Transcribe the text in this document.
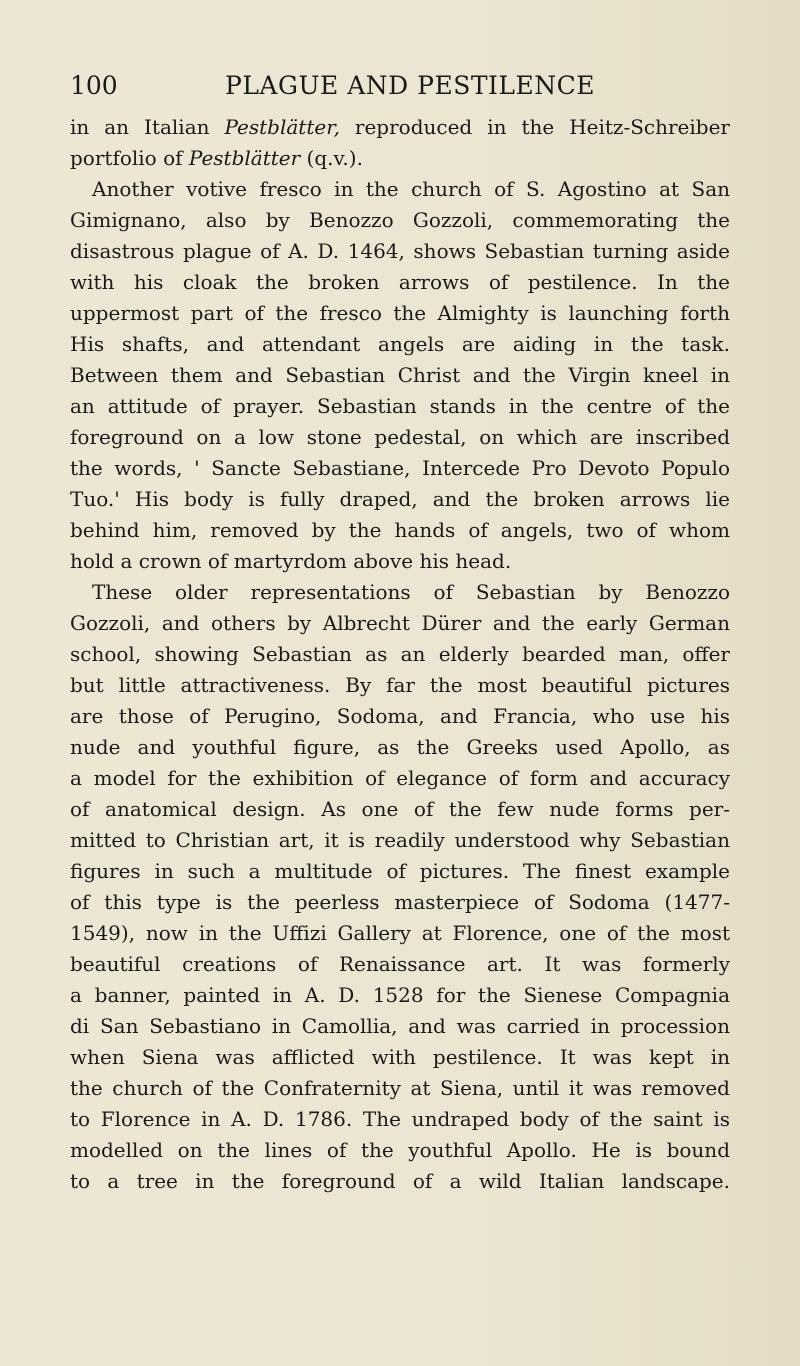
100	PLAGUE AND PESTILENCE
in an Italian Pestblätter, reproduced in the Heitz-Schreiber
portfolio of Pestblätter (q.v.).
Another votive fresco in the church of S. Agostino at San
Gimignano, also by Benozzo Gozzoli, commemorating the
disastrous plague of A. D. 1464, shows Sebastian turning aside
with his cloak the broken arrows of pestilence. In the
uppermost part of the fresco the Almighty is launching forth
His shafts, and attendant angels are aiding in the task.
Between them and Sebastian Christ and the Virgin kneel in
an attitude of prayer. Sebastian stands in the centre of the
foreground on a low stone pedestal, on which are inscribed
the words, ' Sancte Sebastiane, Intercede Pro Devoto Populo
Tuo.' His body is fully draped, and the broken arrows lie
behind him, removed by the hands of angels, two of whom
hold a crown of martyrdom above his head.
These older representations of Sebastian by Benozzo
Gozzoli, and others by Albrecht Dürer and the early German
school, showing Sebastian as an elderly bearded man, offer
but little attractiveness. By far the most beautiful pictures
are those of Perugino, Sodoma, and Francia, who use his
nude and youthful figure, as the Greeks used Apollo, as
a model for the exhibition of elegance of form and accuracy
of anatomical design. As one of the few nude forms per-
mitted to Christian art, it is readily understood why Sebastian
figures in such a multitude of pictures. The finest example
of this type is the peerless masterpiece of Sodoma (1477-
1549), now in the Uffizi Gallery at Florence, one of the most
beautiful creations of Renaissance art. It was formerly
a banner, painted in A. D. 1528 for the Sienese Compagnia
di San Sebastiano in Camollia, and was carried in procession
when Siena was afflicted with pestilence. It was kept in
the church of the Confraternity at Siena, until it was removed
to Florence in A. D. 1786. The undraped body of the saint is
modelled on the lines of the youthful Apollo. He is bound
to a tree in the foreground of a wild Italian landscape.
